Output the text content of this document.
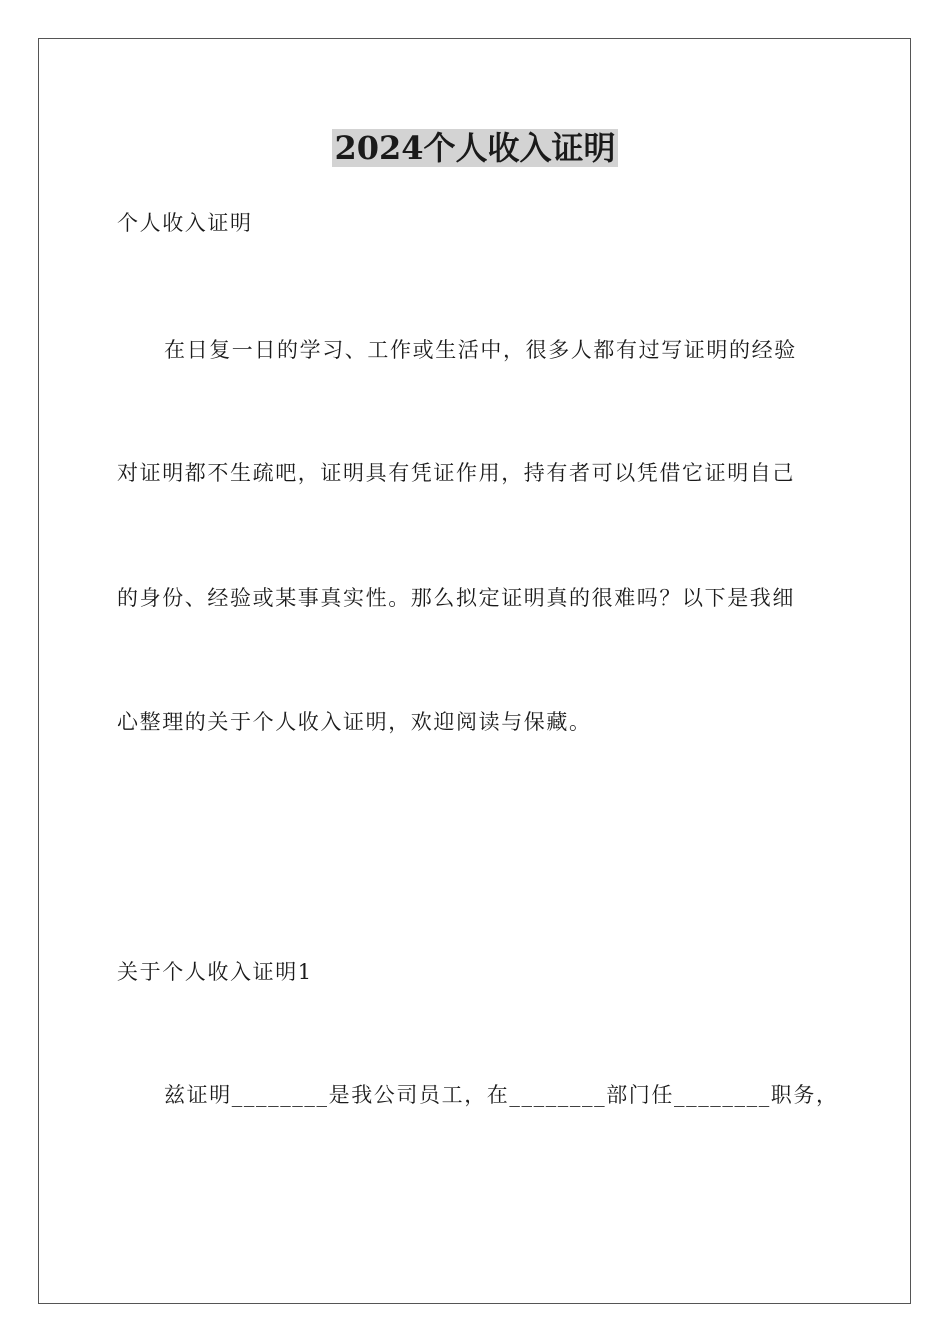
2024个人收入证明

个人收入证明

在日复一日的学习、工作或生活中，很多人都有过写证明的经验

对证明都不生疏吧，证明具有凭证作用，持有者可以凭借它证明自己

的身份、经验或某事真实性。那么拟定证明真的很难吗？以下是我细

心整理的关于个人收入证明，欢迎阅读与保藏。

关于个人收入证明1

兹证明________是我公司员工，在________部门任________职务，
